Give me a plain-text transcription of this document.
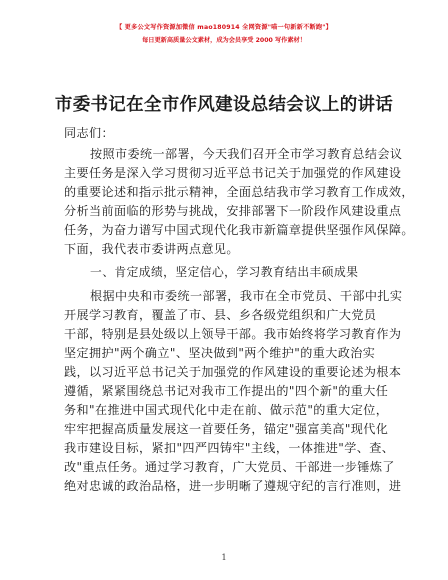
【 更多公文写作资源加微信 mao180914 全网资源"喵一句新新不断跑"】
每日更新高质量公文素材，成为会员享受 2000 写作素材！
市委书记在全市作风建设总结会议上的讲话
同志们：
按照市委统一部署，今天我们召开全市学习教育总结会议
主要任务是深入学习贯彻习近平总书记关于加强党的作风建设
的重要论述和指示批示精神，全面总结我市学习教育工作成效，
分析当前面临的形势与挑战，安排部署下一阶段作风建设重点
任务，为奋力谱写中国式现代化我市新篇章提供坚强作风保障。
下面，我代表市委讲两点意见。
一、肯定成绩，坚定信心，学习教育结出丰硕成果
根据中央和市委统一部署，我市在全市党员、干部中扎实
开展学习教育，覆盖了市、县、乡各级党组织和广大党员
干部，特别是县处级以上领导干部。我市始终将学习教育作为
坚定拥护"两个确立"、坚决做到"两个维护"的重大政治实
践，以习近平总书记关于加强党的作风建设的重要论述为根本
遵循，紧紧围绕总书记对我市工作提出的"四个新"的重大任
务和"在推进中国式现代化中走在前、做示范"的重大定位，
牢牢把握高质量发展这一首要任务，锚定"强富美高"现代化
我市建设目标，紧扣"四严四铸牢"主线，一体推进"学、查、
改"重点任务。通过学习教育，广大党员、干部进一步锤炼了
绝对忠诚的政治品格，进一步明晰了遵规守纪的言行准则，进
1
